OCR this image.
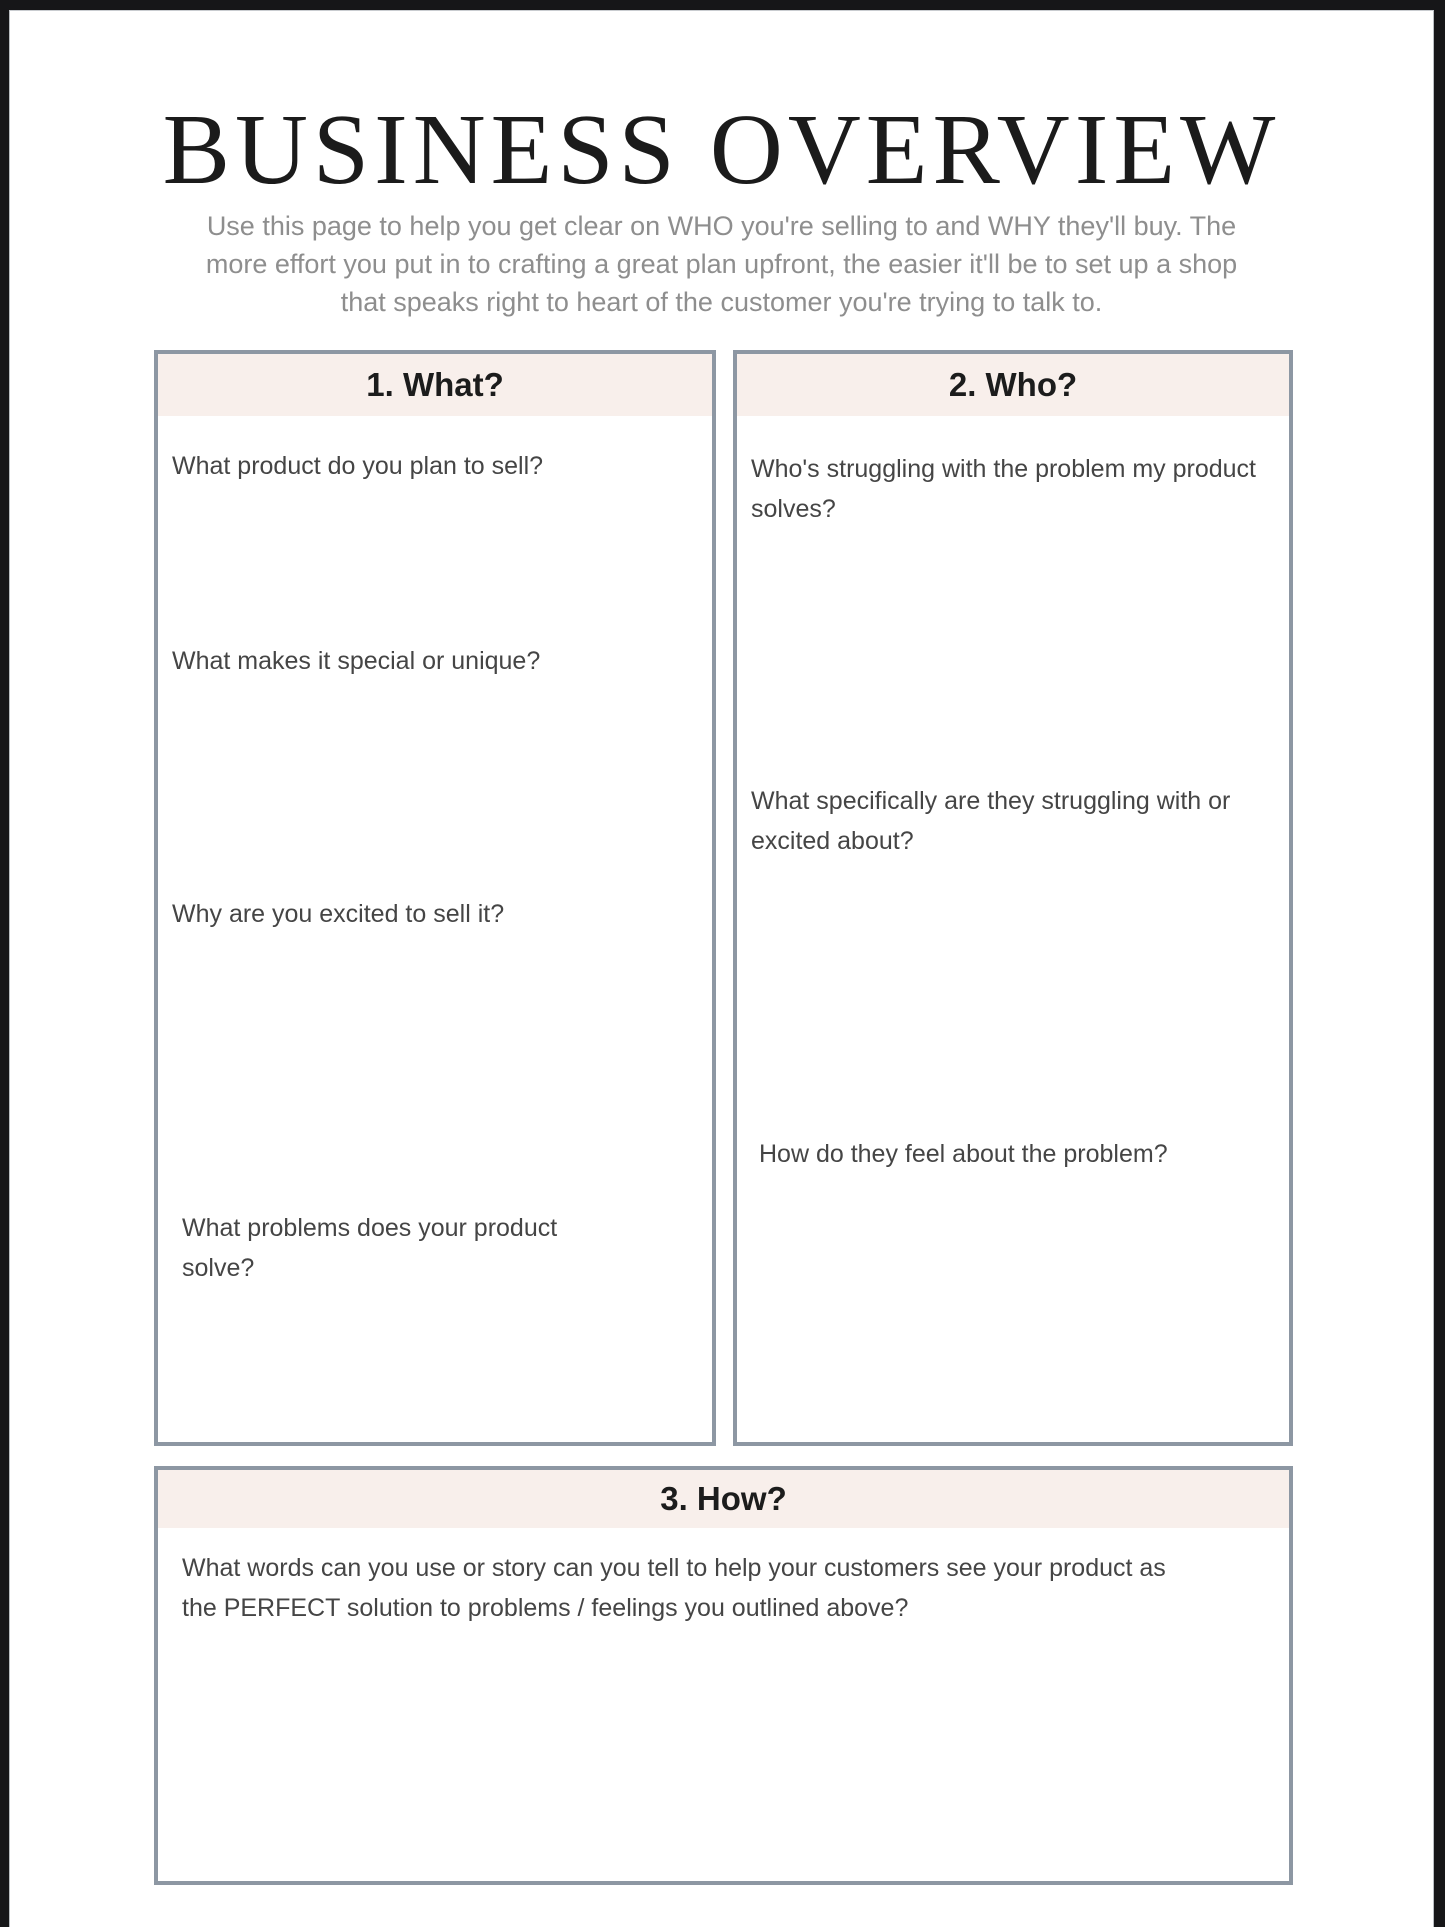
BUSINESS OVERVIEW
Use this page to help you get clear on WHO you're selling to and WHY they'll buy. The
more effort you put in to crafting a great plan upfront, the easier it'll be to set up a shop
that speaks right to heart of the customer you're trying to talk to.
1. What?
What product do you plan to sell?
What makes it special or unique?
Why are you excited to sell it?
What problems does your product solve?
2. Who?
Who's struggling with the problem my product solves?
What specifically are they struggling with or excited about?
How do they feel about the problem?
3. How?
What words can you use or story can you tell to help your customers see your product as the PERFECT solution to problems / feelings you outlined above?
